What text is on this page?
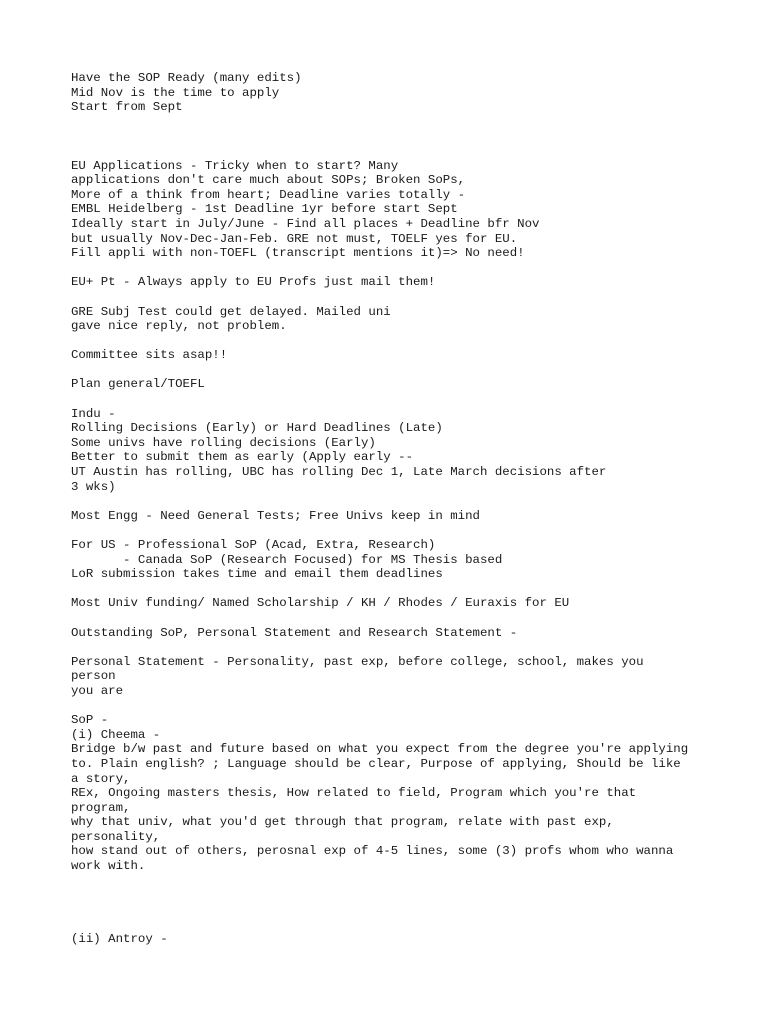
Have the SOP Ready (many edits)
Mid Nov is the time to apply
Start from Sept
EU Applications - Tricky when to start? Many
applications don't care much about SOPs; Broken SoPs,
More of a think from heart; Deadline varies totally -
EMBL Heidelberg - 1st Deadline 1yr before start Sept
Ideally start in July/June - Find all places + Deadline bfr Nov
but usually Nov-Dec-Jan-Feb. GRE not must, TOELF yes for EU.
Fill appli with non-TOEFL (transcript mentions it)=> No need!
EU+ Pt - Always apply to EU Profs just mail them!
GRE Subj Test could get delayed. Mailed uni
gave nice reply, not problem.
Committee sits asap!!
Plan general/TOEFL
Indu -
Rolling Decisions (Early) or Hard Deadlines (Late)
Some univs have rolling decisions (Early)
Better to submit them as early (Apply early --
UT Austin has rolling, UBC has rolling Dec 1, Late March decisions after
3 wks)
Most Engg - Need General Tests; Free Univs keep in mind
For US - Professional SoP (Acad, Extra, Research)
- Canada SoP (Research Focused) for MS Thesis based
LoR submission takes time and email them deadlines
Most Univ funding/ Named Scholarship / KH / Rhodes / Euraxis for EU
Outstanding SoP, Personal Statement and Research Statement -
Personal Statement - Personality, past exp, before college, school, makes you
person
you are
SoP -
(i) Cheema -
Bridge b/w past and future based on what you expect from the degree you're applying
to. Plain english? ; Language should be clear, Purpose of applying, Should be like
a story,
REx, Ongoing masters thesis, How related to field, Program which you're that
program,
why that univ, what you'd get through that program, relate with past exp,
personality,
how stand out of others, perosnal exp of 4-5 lines, some (3) profs whom who wanna
work with.
(ii) Antroy -
